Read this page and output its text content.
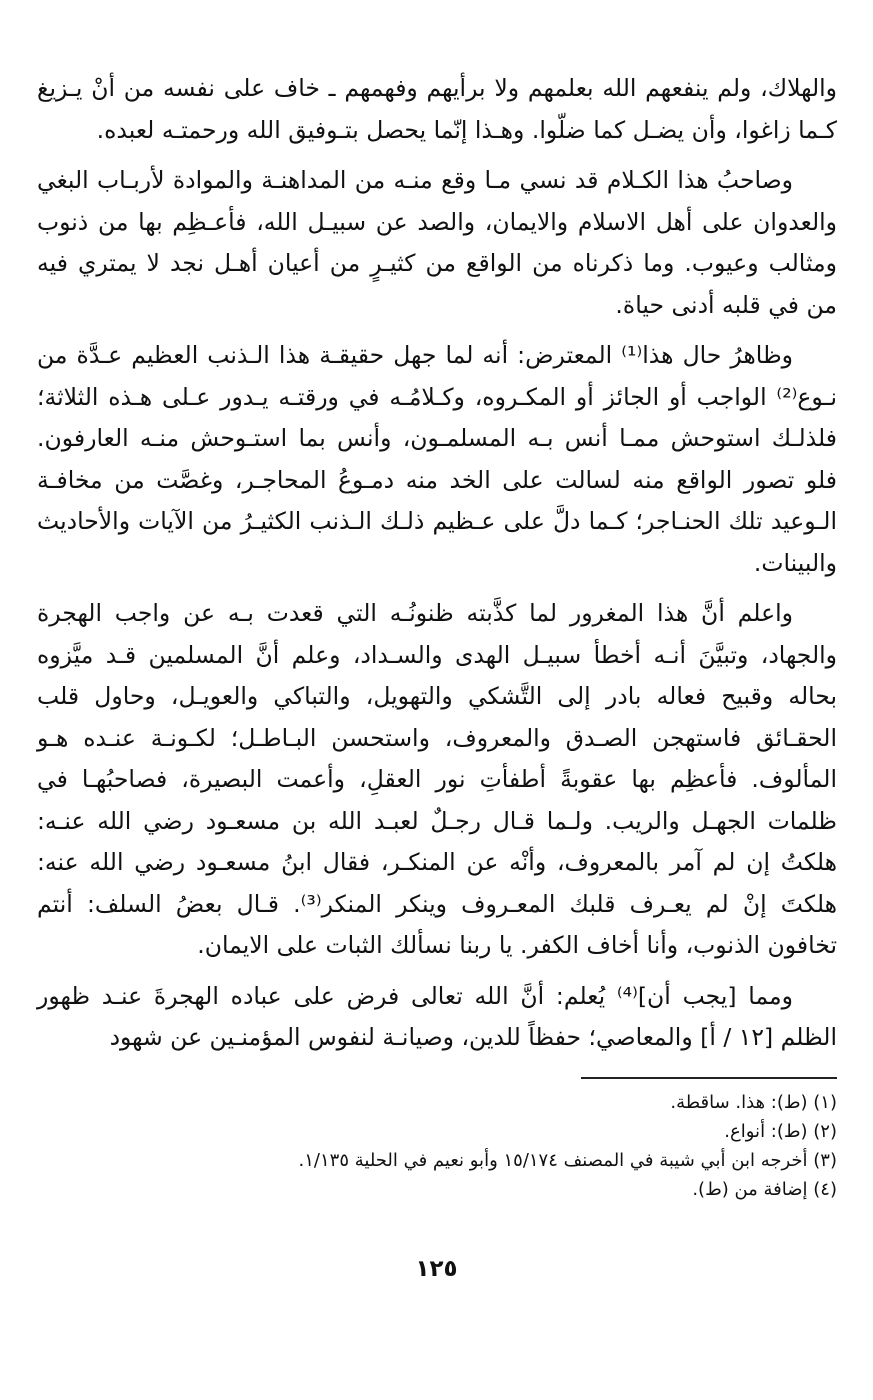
والهلاك، ولم ينفعهم الله بعلمهم ولا برأيهم وفهمهم ـ خاف على نفسه من أنْ يـزيغ كـما زاغوا، وأن يضـل كما ضلّوا. وهـذا إنّما يحصل بتـوفيق الله ورحمتـه لعبده.

وصاحبُ هذا الكـلام قد نسي مـا وقع منـه من المداهنـة والموادة لأربـاب البغي والعدوان على أهل الاسلام والايمان، والصد عن سبيـل الله، فأعـظِم بها من ذنوب ومثالب وعيوب. وما ذكرناه من الواقع من كثيـرٍ من أعيان أهـل نجد لا يمتري فيه من في قلبه أدنى حياة.

وظاهرُ حال هذا⁽¹⁾ المعترض: أنه لما جهل حقيقـة هذا الـذنب العظيم عـدَّة من نـوع⁽²⁾ الواجب أو الجائز أو المكـروه، وكـلامُـه في ورقتـه يـدور عـلى هـذه الثلاثة؛ فلذلـك استوحش ممـا أنس بـه المسلمـون، وأنس بما استـوحش منـه العارفون. فلو تصور الواقع منه لسالت على الخد منه دمـوعُ المحاجـر، وغصَّت من مخافـة الـوعيد تلك الحنـاجر؛ كـما دلَّ على عـظيم ذلـك الـذنب الكثيـرُ من الآيات والأحاديث والبينات.

واعلم أنَّ هذا المغرور لما كذَّبته ظنونُـه التي قعدت بـه عن واجب الهجرة والجهاد، وتبيَّنَ أنـه أخطأ سبيـل الهدى والسـداد، وعلم أنَّ المسلمين قـد ميَّزوه بحاله وقبيح فعاله بادر إلى التَّشكي والتهويل، والتباكي والعويـل، وحاول قلب الحقـائق فاستهجن الصـدق والمعروف، واستحسن البـاطـل؛ لكـونـة عنـده هـو المألوف. فأعظِم بها عقوبةً أطفأتِ نور العقلِ، وأعمت البصيرة، فصاحبُهـا في ظلمات الجهـل والريب. ولـما قـال رجـلٌ لعبـد الله بن مسعـود رضي الله عنـه: هلكتُ إن لم آمر بالمعروف، وأنْه عن المنكـر، فقال ابنُ مسعـود رضي الله عنه: هلكتَ إنْ لم يعـرف قلبك المعـروف وينكر المنكر⁽³⁾. قـال بعضُ السلف: أنتم تخافون الذنوب، وأنا أخاف الكفر. يا ربنا نسألك الثبات على الايمان.

ومما [يجب أن]⁽⁴⁾ يُعلم: أنَّ الله تعالى فرض على عباده الهجرةَ عنـد ظهور الظلم [١٢ / أ] والمعاصي؛ حفظاً للدين، وصيانـة لنفوس المؤمنـين عن شهود

(١) (ط): هذا. ساقطة.

(٢) (ط): أنواع.

(٣) أخرجه ابن أبي شيبة في المصنف ١٥/١٧٤ وأبو نعيم في الحلية ١/١٣٥.

(٤) إضافة من (ط).

١٢٥
